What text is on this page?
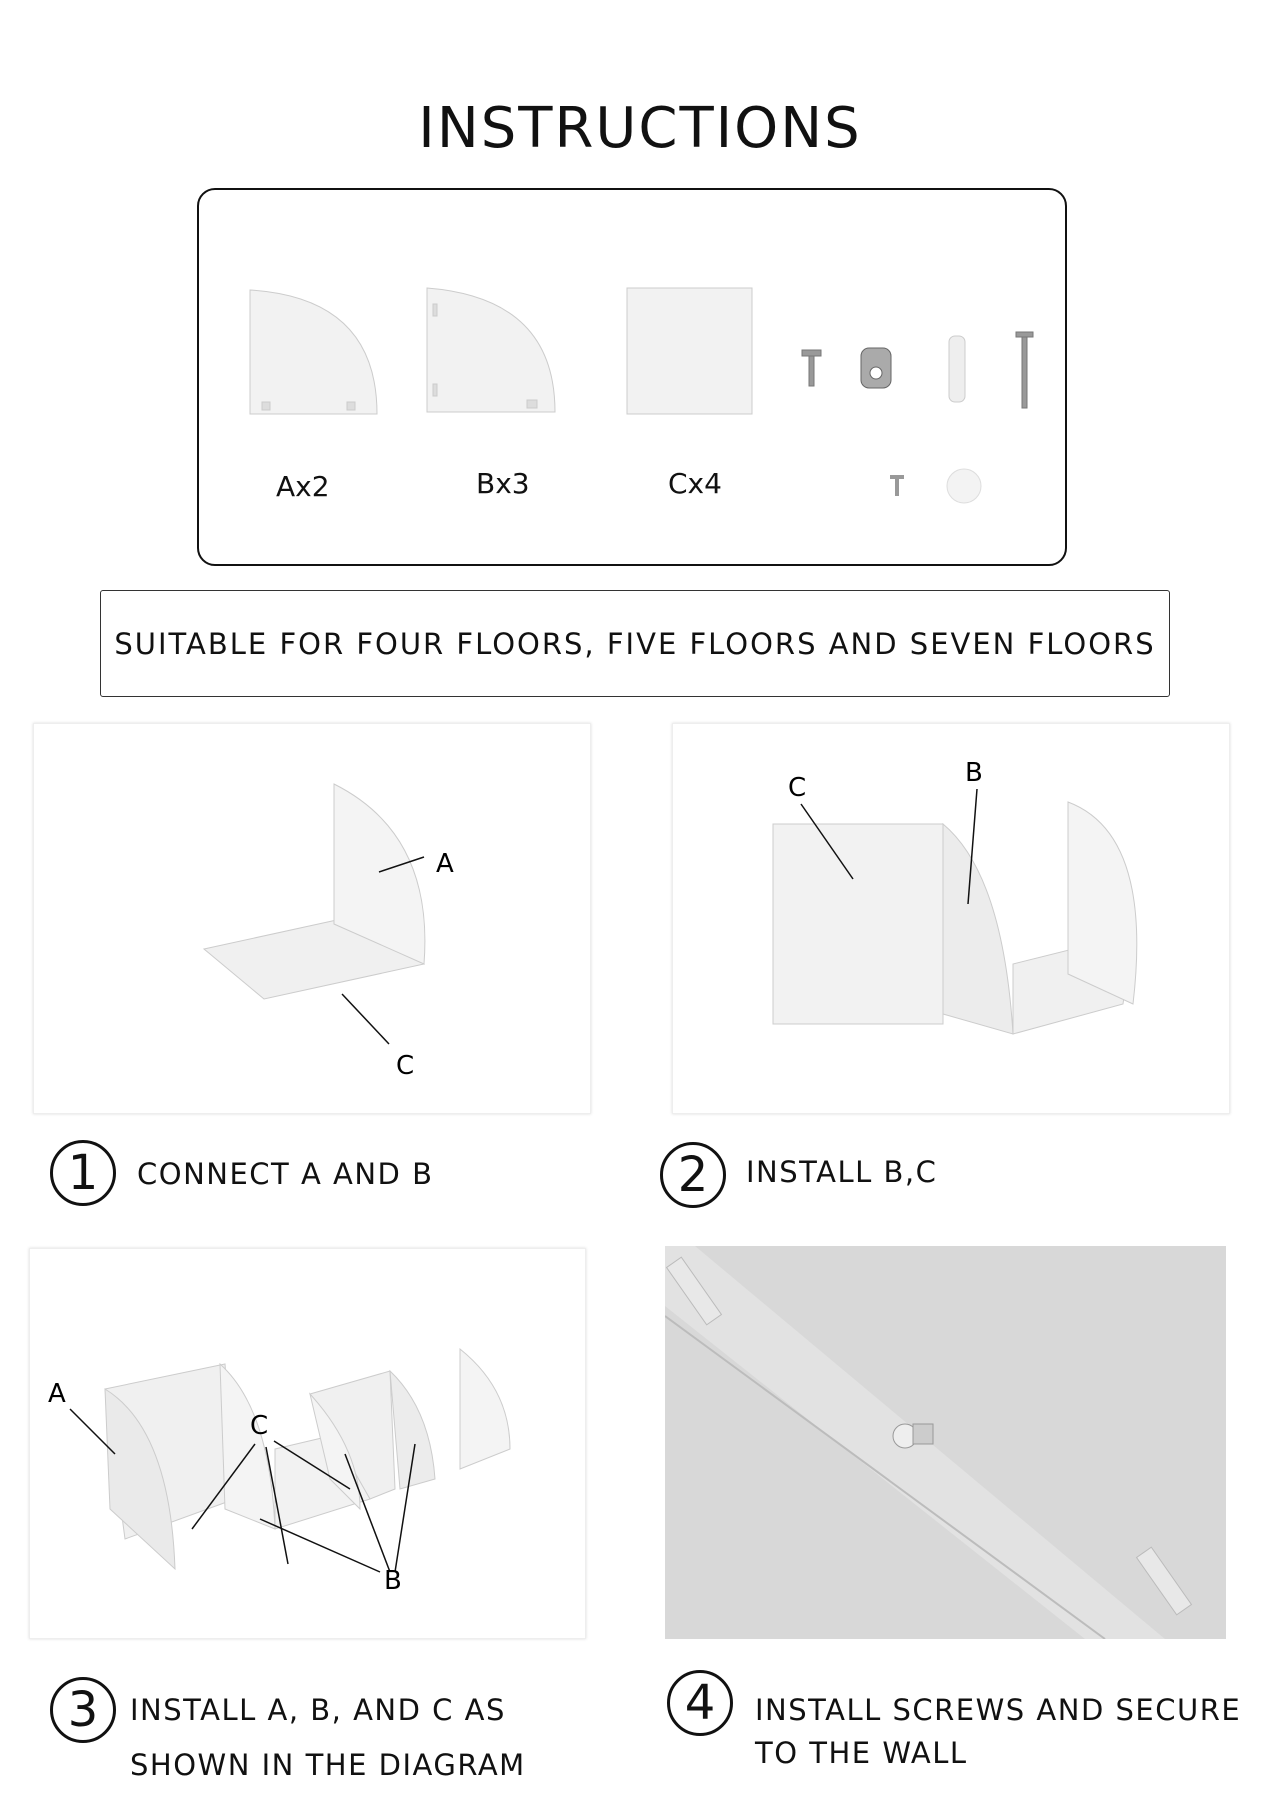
INSTRUCTIONS
Ax2	Bx3	Cx4
SUITABLE FOR FOUR FLOORS, FIVE FLOORS AND SEVEN FLOORS
A
C
C	B
1	CONNECT A AND B	2	INSTALL B,C
C
A
B
3	INSTALL A, B, AND C AS
SHOWN IN THE DIAGRAM
4	INSTALL SCREWS AND SECURE
TO THE WALL
